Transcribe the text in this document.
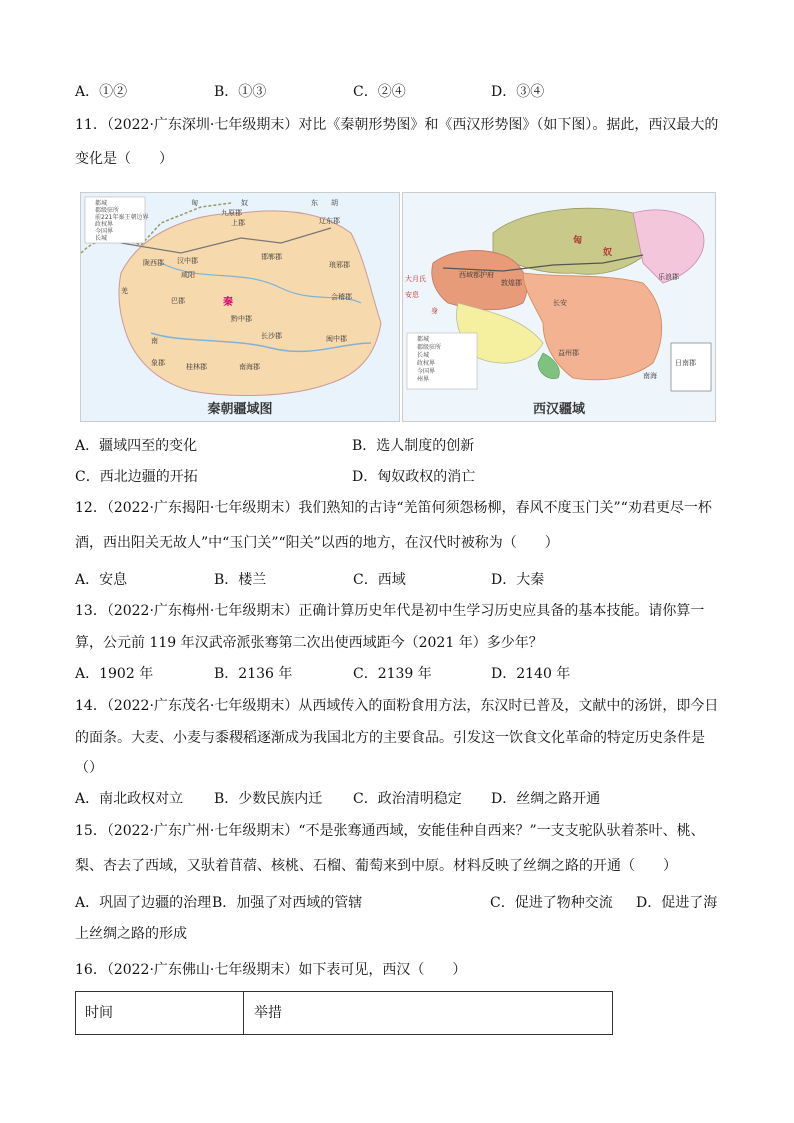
A．①②	B．①③	C．②④	D．③④
11．（2022·广东深圳·七年级期末）对比《秦朝形势图》和《西汉形势图》（如下图）。据此，西汉最大的
变化是（　　）
都城
郡级驻所
前221年秦王朝边界
政权界
今国界
长城
匈	奴	东 胡
辽东郡
上郡
九原郡
陇西郡
咸阳
邯郸郡
琅邪郡
秦	会稽郡
汉中郡
巴郡
黔中郡
长沙郡
桂林郡	南海郡
象郡
闽中郡
羌
南
秦朝疆域图
都城
郡级驻所
长城
政权界
今国界
州界
匈
奴
西域都护府
大月氏
安息
身
敦煌郡
长安
乐浪郡
益州郡
南海
日南郡
西汉疆域
A．疆域四至的变化	B．选人制度的创新
C．西北边疆的开拓	D．匈奴政权的消亡
12．（2022·广东揭阳·七年级期末）我们熟知的古诗“羌笛何须怨杨柳，春风不度玉门关”“劝君更尽一杯
酒，西出阳关无故人”中“玉门关”“阳关”以西的地方，在汉代时被称为（　　）
A．安息	B．楼兰	C．西域	D．大秦
13．（2022·广东梅州·七年级期末）正确计算历史年代是初中生学习历史应具备的基本技能。请你算一
算，公元前 119 年汉武帝派张骞第二次出使西域距今（2021 年）多少年？
A．1902 年	B．2136 年	C．2139 年	D．2140 年
14．（2022·广东茂名·七年级期末）从西域传入的面粉食用方法，东汉时已普及，文献中的汤饼，即今日
的面条。大麦、小麦与黍稷稻逐渐成为我国北方的主要食品。引发这一饮食文化革命的特定历史条件是
（）
A．南北政权对立 B．少数民族内迁 C．政治清明稳定 D．丝绸之路开通
15．（2022·广东广州·七年级期末）“不是张骞通西域，安能佳种自西来？”一支支驼队驮着茶叶、桃、
梨、杏去了西域，又驮着苜蓿、核桃、石榴、葡萄来到中原。材料反映了丝绸之路的开通（　　）
A．巩固了边疆的治理 B．加强了对西域的管辖	C．促进了物种交流 D．促进了海
上丝绸之路的形成
16．（2022·广东佛山·七年级期末）如下表可见，西汉（　　）
时间	举措
